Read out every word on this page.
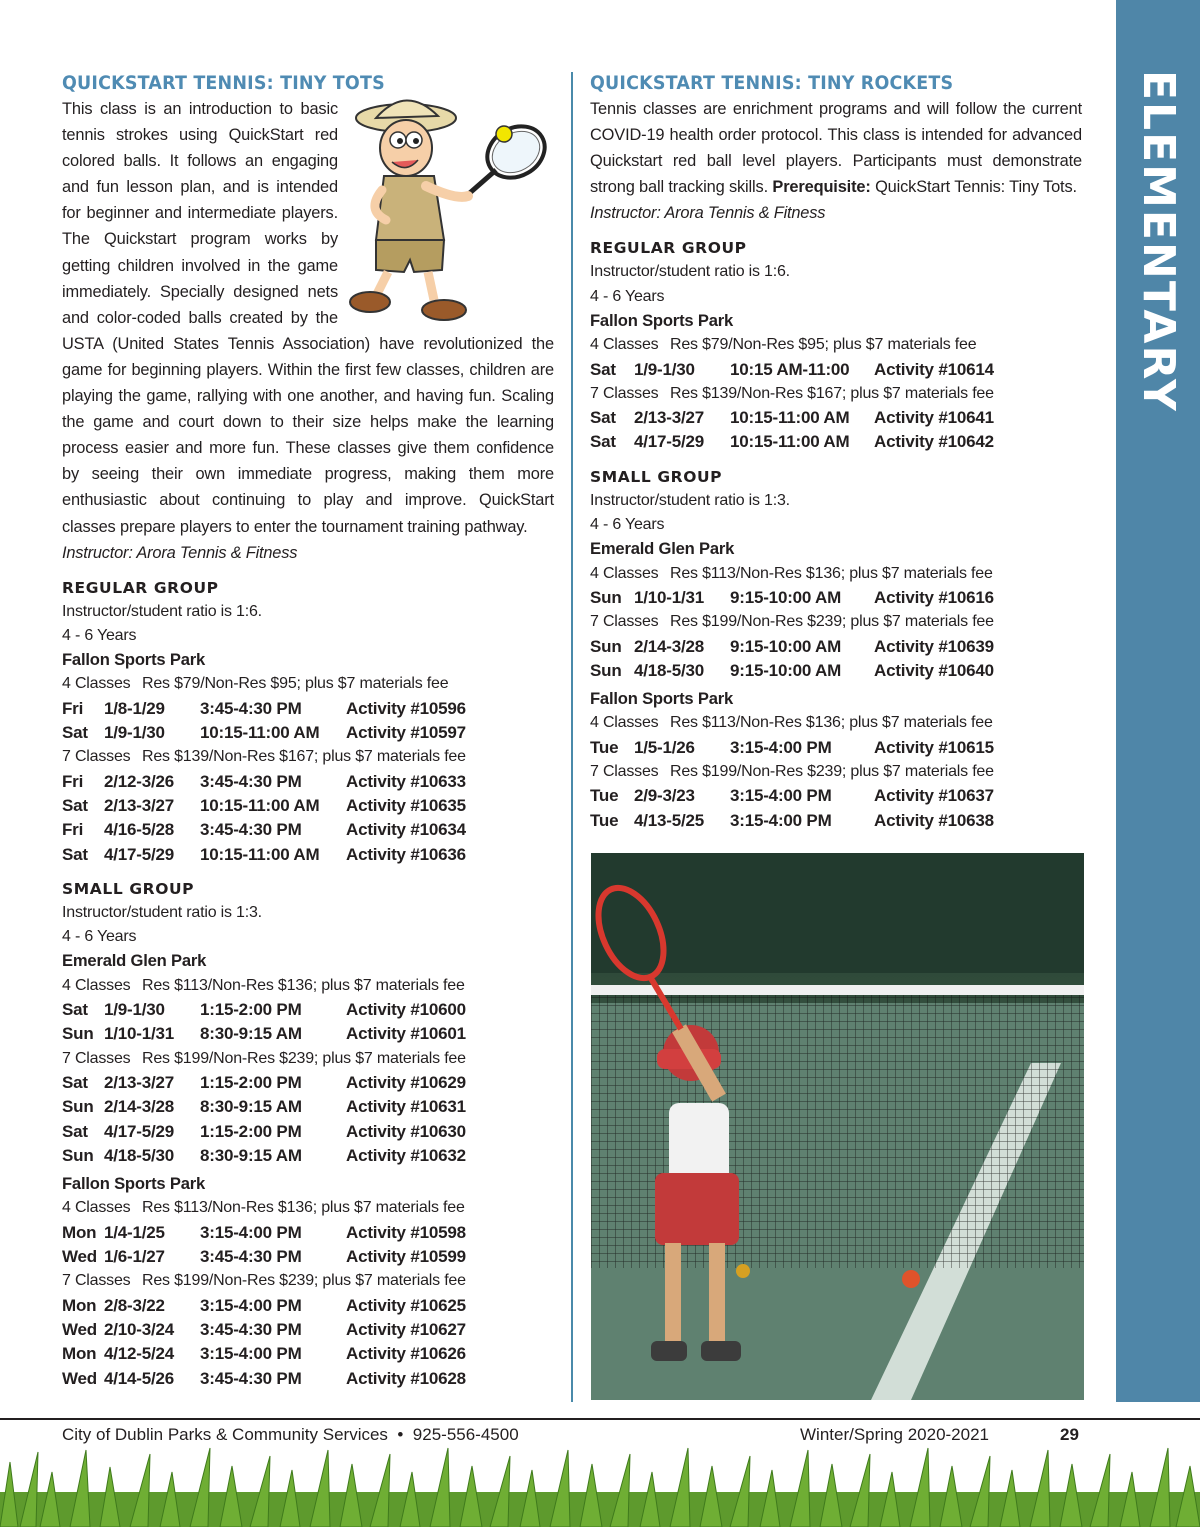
ELEMENTARY
QUICKSTART TENNIS: TINY TOTS
This class is an introduction to basic tennis strokes using QuickStart red colored balls. It follows an engaging and fun lesson plan, and is intended for beginner and intermediate players. The Quickstart program works by getting children involved in the game immediately. Specially designed nets and color-coded balls created by the USTA (United States Tennis Association) have revolutionized the game for beginning players. Within the first few classes, children are playing the game, rallying with one another, and having fun. Scaling the game and court down to their size helps make the learning process easier and more fun. These classes give them confidence by seeing their own immediate progress, making them more enthusiastic about continuing to play and improve. QuickStart classes prepare players to enter the tournament training pathway.
Instructor: Arora Tennis & Fitness
REGULAR GROUP
Instructor/student ratio is 1:6.
4 - 6 Years
Fallon Sports Park
4 Classes Res $79/Non-Res $95; plus $7 materials fee
Fri	1/8-1/29	3:45-4:30 PM	Activity #10596
Sat 1/9-1/30	10:15-11:00 AM	Activity #10597
7 Classes Res $139/Non-Res $167; plus $7 materials fee
Fri	2/12-3/26	3:45-4:30 PM	Activity #10633
Sat 2/13-3/27	10:15-11:00 AM	Activity #10635
Fri	4/16-5/28	3:45-4:30 PM	Activity #10634
Sat 4/17-5/29	10:15-11:00 AM	Activity #10636
SMALL GROUP
Instructor/student ratio is 1:3.
4 - 6 Years
Emerald Glen Park
4 Classes Res $113/Non-Res $136; plus $7 materials fee
Sat 1/9-1/30	1:15-2:00 PM	Activity #10600
Sun 1/10-1/31	8:30-9:15 AM	Activity #10601
7 Classes Res $199/Non-Res $239; plus $7 materials fee
Sat 2/13-3/27	1:15-2:00 PM	Activity #10629
Sun 2/14-3/28	8:30-9:15 AM	Activity #10631
Sat 4/17-5/29	1:15-2:00 PM	Activity #10630
Sun 4/18-5/30	8:30-9:15 AM	Activity #10632
Fallon Sports Park
4 Classes Res $113/Non-Res $136; plus $7 materials fee
Mon 1/4-1/25	3:15-4:00 PM	Activity #10598
Wed 1/6-1/27	3:45-4:30 PM	Activity #10599
7 Classes Res $199/Non-Res $239; plus $7 materials fee
Mon 2/8-3/22	3:15-4:00 PM	Activity #10625
Wed 2/10-3/24	3:45-4:30 PM	Activity #10627
Mon 4/12-5/24	3:15-4:00 PM	Activity #10626
Wed 4/14-5/26	3:45-4:30 PM	Activity #10628
QUICKSTART TENNIS: TINY ROCKETS
Tennis classes are enrichment programs and will follow the current COVID-19 health order protocol. This class is intended for advanced Quickstart red ball level players. Participants must demonstrate strong ball tracking skills. Prerequisite: QuickStart Tennis: Tiny Tots.
Instructor: Arora Tennis & Fitness
REGULAR GROUP
Instructor/student ratio is 1:6.
4 - 6 Years
Fallon Sports Park
4 Classes Res $79/Non-Res $95; plus $7 materials fee
Sat	1/9-1/30	10:15 AM-11:00	Activity #10614
7 Classes Res $139/Non-Res $167; plus $7 materials fee
Sat	2/13-3/27	10:15-11:00 AM	Activity #10641
Sat	4/17-5/29	10:15-11:00 AM	Activity #10642
SMALL GROUP
Instructor/student ratio is 1:3.
4 - 6 Years
Emerald Glen Park
4 Classes Res $113/Non-Res $136; plus $7 materials fee
Sun 1/10-1/31	9:15-10:00 AM	Activity #10616
7 Classes Res $199/Non-Res $239; plus $7 materials fee
Sun 2/14-3/28	9:15-10:00 AM	Activity #10639
Sun 4/18-5/30	9:15-10:00 AM	Activity #10640
Fallon Sports Park
4 Classes Res $113/Non-Res $136; plus $7 materials fee
Tue 1/5-1/26	3:15-4:00 PM	Activity #10615
7 Classes Res $199/Non-Res $239; plus $7 materials fee
Tue 2/9-3/23	3:15-4:00 PM	Activity #10637
Tue 4/13-5/25	3:15-4:00 PM	Activity #10638
City of Dublin Parks & Community Services • 925-556-4500	Winter/Spring 2020-2021	29
